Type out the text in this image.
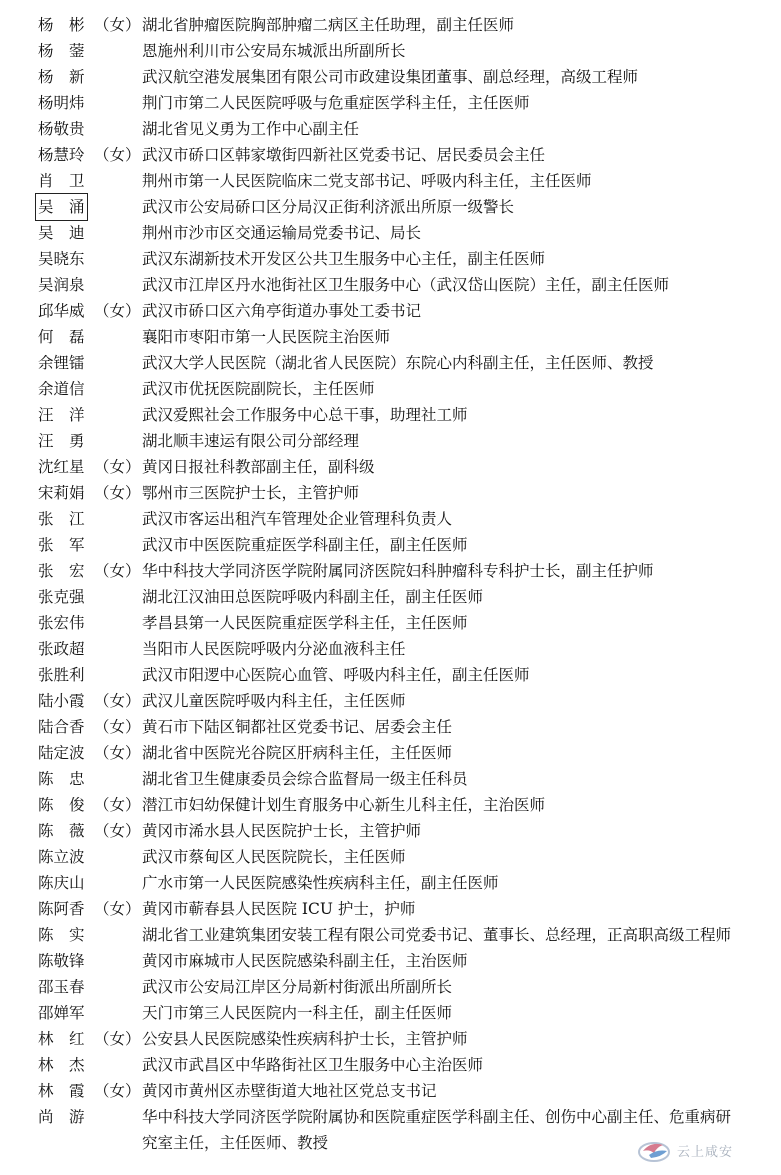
杨　彬 （女） 湖北省肿瘤医院胸部肿瘤二病区主任助理，副主任医师
杨　蓥	恩施州利川市公安局东城派出所副所长
杨　新	武汉航空港发展集团有限公司市政建设集团董事、副总经理，高级工程师
杨明炜	荆门市第二人民医院呼吸与危重症医学科主任，主任医师
杨敬贵	湖北省见义勇为工作中心副主任
杨慧玲 （女） 武汉市硚口区韩家墩街四新社区党委书记、居民委员会主任
肖　卫	荆州市第一人民医院临床二党支部书记、呼吸内科主任，主任医师
吴　涌	武汉市公安局硚口区分局汉正街利济派出所原一级警长
吴　迪	荆州市沙市区交通运输局党委书记、局长
吴晓东	武汉东湖新技术开发区公共卫生服务中心主任，副主任医师
吴润泉	武汉市江岸区丹水池街社区卫生服务中心（武汉岱山医院）主任，副主任医师
邱华威 （女） 武汉市硚口区六角亭街道办事处工委书记
何　磊	襄阳市枣阳市第一人民医院主治医师
余锂镭	武汉大学人民医院（湖北省人民医院）东院心内科副主任，主任医师、教授
余道信	武汉市优抚医院副院长，主任医师
汪　洋	武汉爱熙社会工作服务中心总干事，助理社工师
汪　勇	湖北顺丰速运有限公司分部经理
沈红星 （女） 黄冈日报社科教部副主任，副科级
宋莉娟 （女） 鄂州市三医院护士长，主管护师
张　江	武汉市客运出租汽车管理处企业管理科负责人
张　军	武汉市中医医院重症医学科副主任，副主任医师
张　宏 （女） 华中科技大学同济医学院附属同济医院妇科肿瘤科专科护士长，副主任护师
张克强	湖北江汉油田总医院呼吸内科副主任，副主任医师
张宏伟	孝昌县第一人民医院重症医学科主任，主任医师
张政超	当阳市人民医院呼吸内分泌血液科主任
张胜利	武汉市阳逻中心医院心血管、呼吸内科主任，副主任医师
陆小霞 （女） 武汉儿童医院呼吸内科主任，主任医师
陆合香 （女） 黄石市下陆区铜都社区党委书记、居委会主任
陆定波 （女） 湖北省中医院光谷院区肝病科主任，主任医师
陈　忠	湖北省卫生健康委员会综合监督局一级主任科员
陈　俊 （女） 潜江市妇幼保健计划生育服务中心新生儿科主任，主治医师
陈　薇 （女） 黄冈市浠水县人民医院护士长，主管护师
陈立波	武汉市蔡甸区人民医院院长，主任医师
陈庆山	广水市第一人民医院感染性疾病科主任，副主任医师
陈阿香 （女） 黄冈市蕲春县人民医院 ICU 护士，护师
陈　实	湖北省工业建筑集团安装工程有限公司党委书记、董事长、总经理，正高职高级工程师
陈敬锋	黄冈市麻城市人民医院感染科副主任，主治医师
邵玉春	武汉市公安局江岸区分局新村街派出所副所长
邵婵军	天门市第三人民医院内一科主任，副主任医师
林　红 （女） 公安县人民医院感染性疾病科护士长，主管护师
林　杰	武汉市武昌区中华路街社区卫生服务中心主治医师
林　霞 （女） 黄冈市黄州区赤壁街道大地社区党总支书记
尚　游	华中科技大学同济医学院附属协和医院重症医学科副主任、创伤中心副主任、危重病研究室主任，主任医师、教授	云上咸安
